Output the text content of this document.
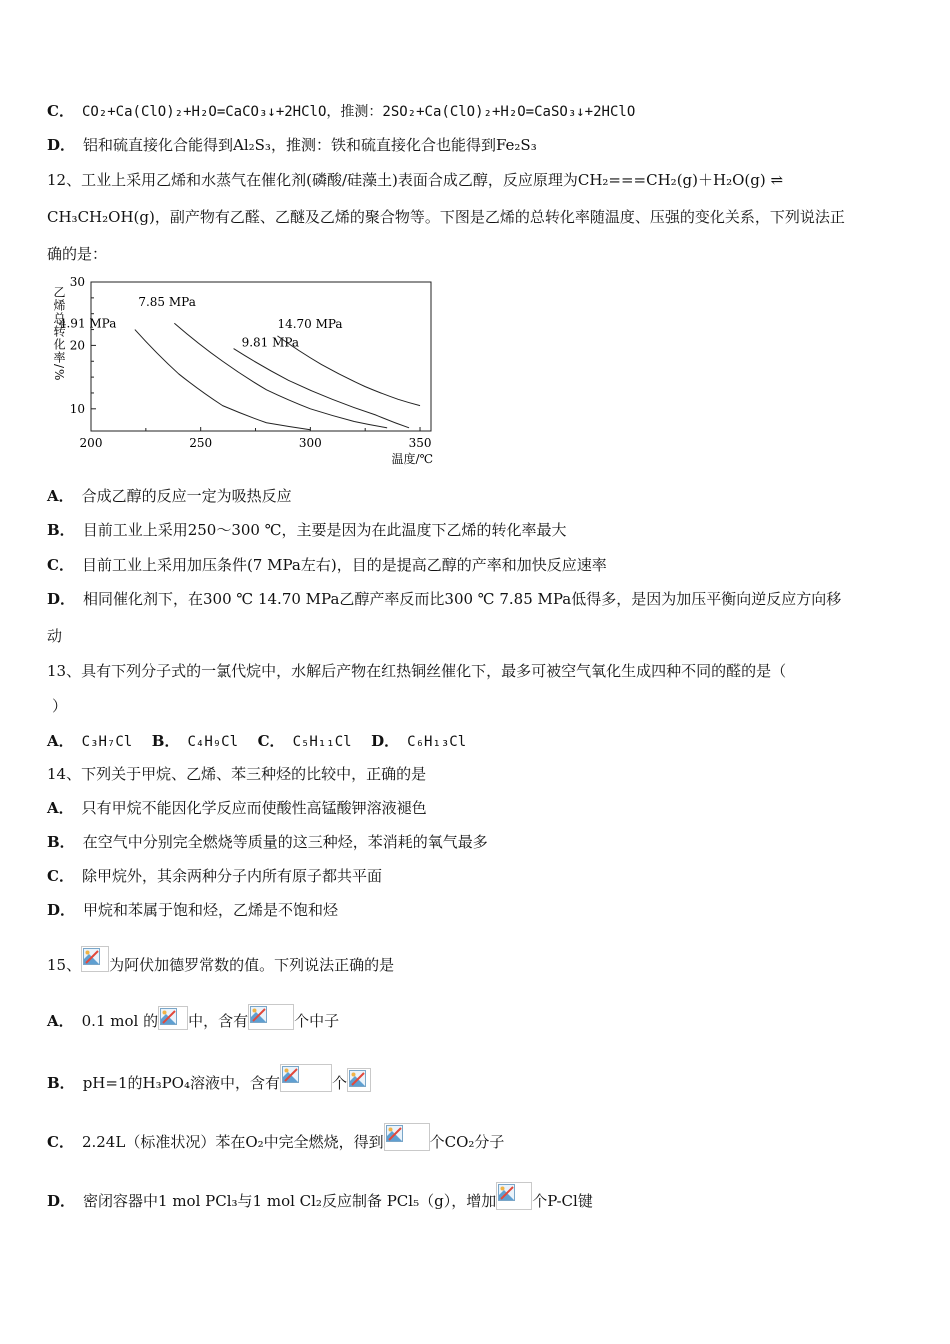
C． CO₂+Ca(ClO)₂+H₂O=CaCO₃↓+2HClO，推测：2SO₂+Ca(ClO)₂+H₂O=CaSO₃↓+2HClO
D． 铝和硫直接化合能得到Al₂S₃，推测：铁和硫直接化合也能得到Fe₂S₃
12、工业上采用乙烯和水蒸气在催化剂(磷酸/硅藻土)表面合成乙醇，反应原理为CH₂===CH₂(g)＋H₂O(g) ⇌
CH₃CH₂OH(g)，副产物有乙醛、乙醚及乙烯的聚合物等。下图是乙烯的总转化率随温度、压强的变化关系，下列说法正
确的是：
200	250	300	350
10
20
30
温度/℃
乙烯总转化率/%
4.91 MPa
7.85 MPa
9.81 MPa
14.70 MPa
A． 合成乙醇的反应一定为吸热反应
B． 目前工业上采用250～300 ℃，主要是因为在此温度下乙烯的转化率最大
C． 目前工业上采用加压条件(7 MPa左右)，目的是提高乙醇的产率和加快反应速率
D． 相同催化剂下，在300 ℃ 14.70 MPa乙醇产率反而比300 ℃ 7.85 MPa低得多，是因为加压平衡向逆反应方向移
动
13、具有下列分子式的一氯代烷中，水解后产物在红热铜丝催化下，最多可被空气氧化生成四种不同的醛的是（
）
A． C₃H₇Cl B． C₄H₉Cl C． C₅H₁₁Cl D． C₆H₁₃Cl
14、下列关于甲烷、乙烯、苯三种烃的比较中，正确的是
A． 只有甲烷不能因化学反应而使酸性高锰酸钾溶液褪色
B． 在空气中分别完全燃烧等质量的这三种烃，苯消耗的氧气最多
C． 除甲烷外，其余两种分子内所有原子都共平面
D． 甲烷和苯属于饱和烃，乙烯是不饱和烃
15、 为阿伏加德罗常数的值。下列说法正确的是
A． 0.1 mol 的 中，含有	个中子
B． pH=1的H₃PO₄溶液中，含有	个
C． 2.24L（标准状况）苯在O₂中完全燃烧，得到	个CO₂分子
D． 密闭容器中1 mol PCl₃与1 mol Cl₂反应制备 PCl₅（g），增加 个P-Cl键
